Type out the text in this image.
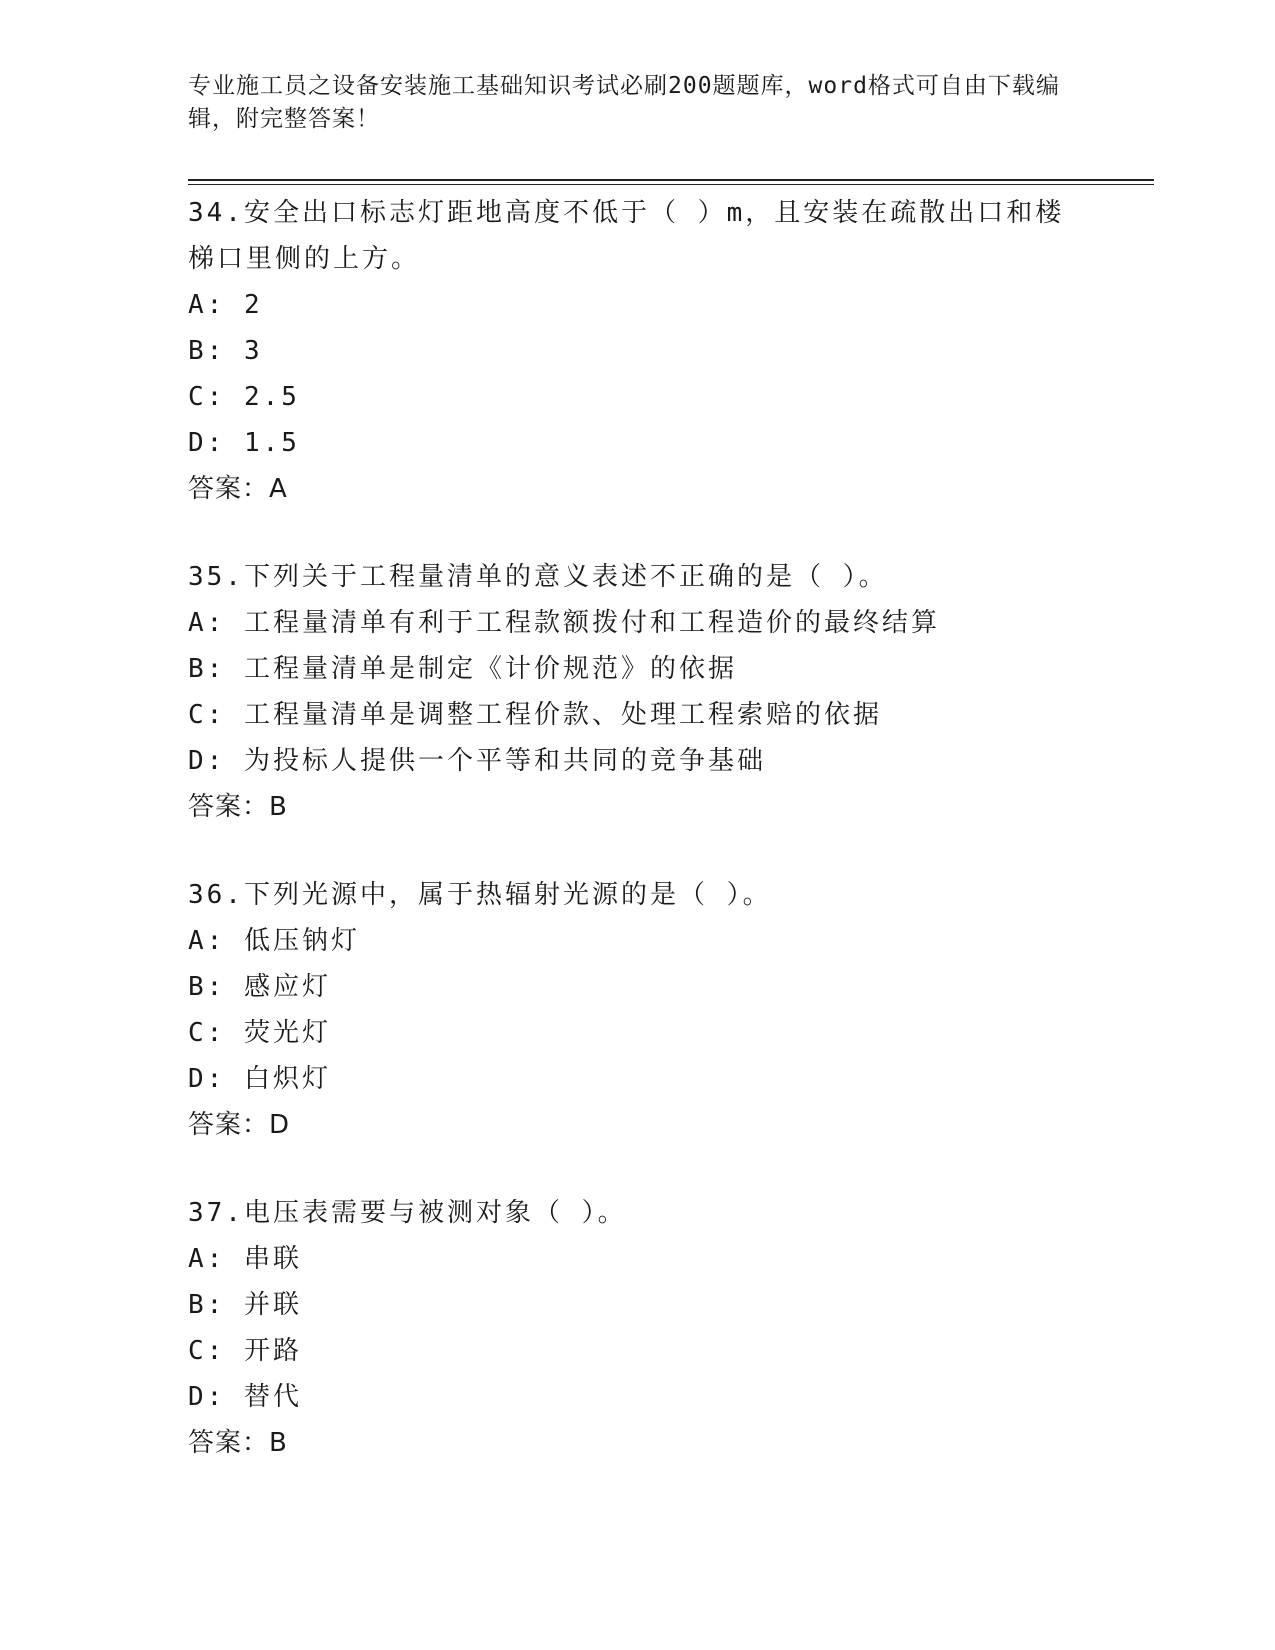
专业施工员之设备安装施工基础知识考试必刷200题题库，word格式可自由下载编辑，附完整答案！
34.安全出口标志灯距地高度不低于（ ）m，且安装在疏散出口和楼梯口里侧的上方。
A: 2
B: 3
C: 2.5
D: 1.5
答案：A
35.下列关于工程量清单的意义表述不正确的是（ ）。
A: 工程量清单有利于工程款额拨付和工程造价的最终结算
B: 工程量清单是制定《计价规范》的依据
C: 工程量清单是调整工程价款、处理工程索赔的依据
D: 为投标人提供一个平等和共同的竞争基础
答案：B
36.下列光源中，属于热辐射光源的是（ ）。
A: 低压钠灯
B: 感应灯
C: 荧光灯
D: 白炽灯
答案：D
37.电压表需要与被测对象（ ）。
A: 串联
B: 并联
C: 开路
D: 替代
答案：B
